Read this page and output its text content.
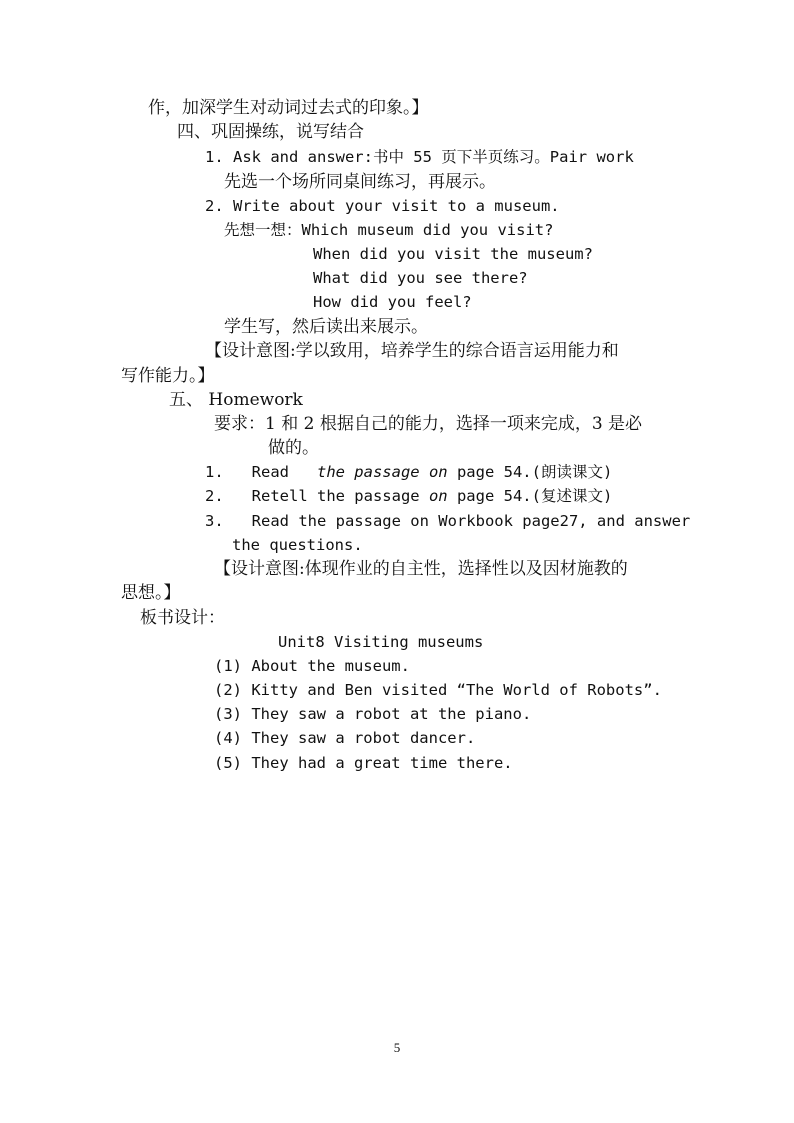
作，加深学生对动词过去式的印象。】
四、巩固操练，说写结合
1. Ask and answer:书中 55 页下半页练习。Pair work
先选一个场所同桌间练习，再展示。
2. Write about your visit to a museum.
先想一想：Which museum did you visit?
When did you visit the museum?
What did you see there?
How did you feel?
学生写，然后读出来展示。
【设计意图:学以致用，培养学生的综合语言运用能力和
写作能力。】
五、 Homework
要求：1 和 2 根据自己的能力，选择一项来完成，3 是必
做的。
1.   Read   the passage on page 54.(朗读课文)
2.   Retell the passage on page 54.(复述课文)
3.   Read the passage on Workbook page27, and answer
the questions.
【设计意图:体现作业的自主性，选择性以及因材施教的
思想。】
板书设计：
Unit8 Visiting museums
(1) About the museum.
(2) Kitty and Ben visited “The World of Robots”.
(3) They saw a robot at the piano.
(4) They saw a robot dancer.
(5) They had a great time there.
5
